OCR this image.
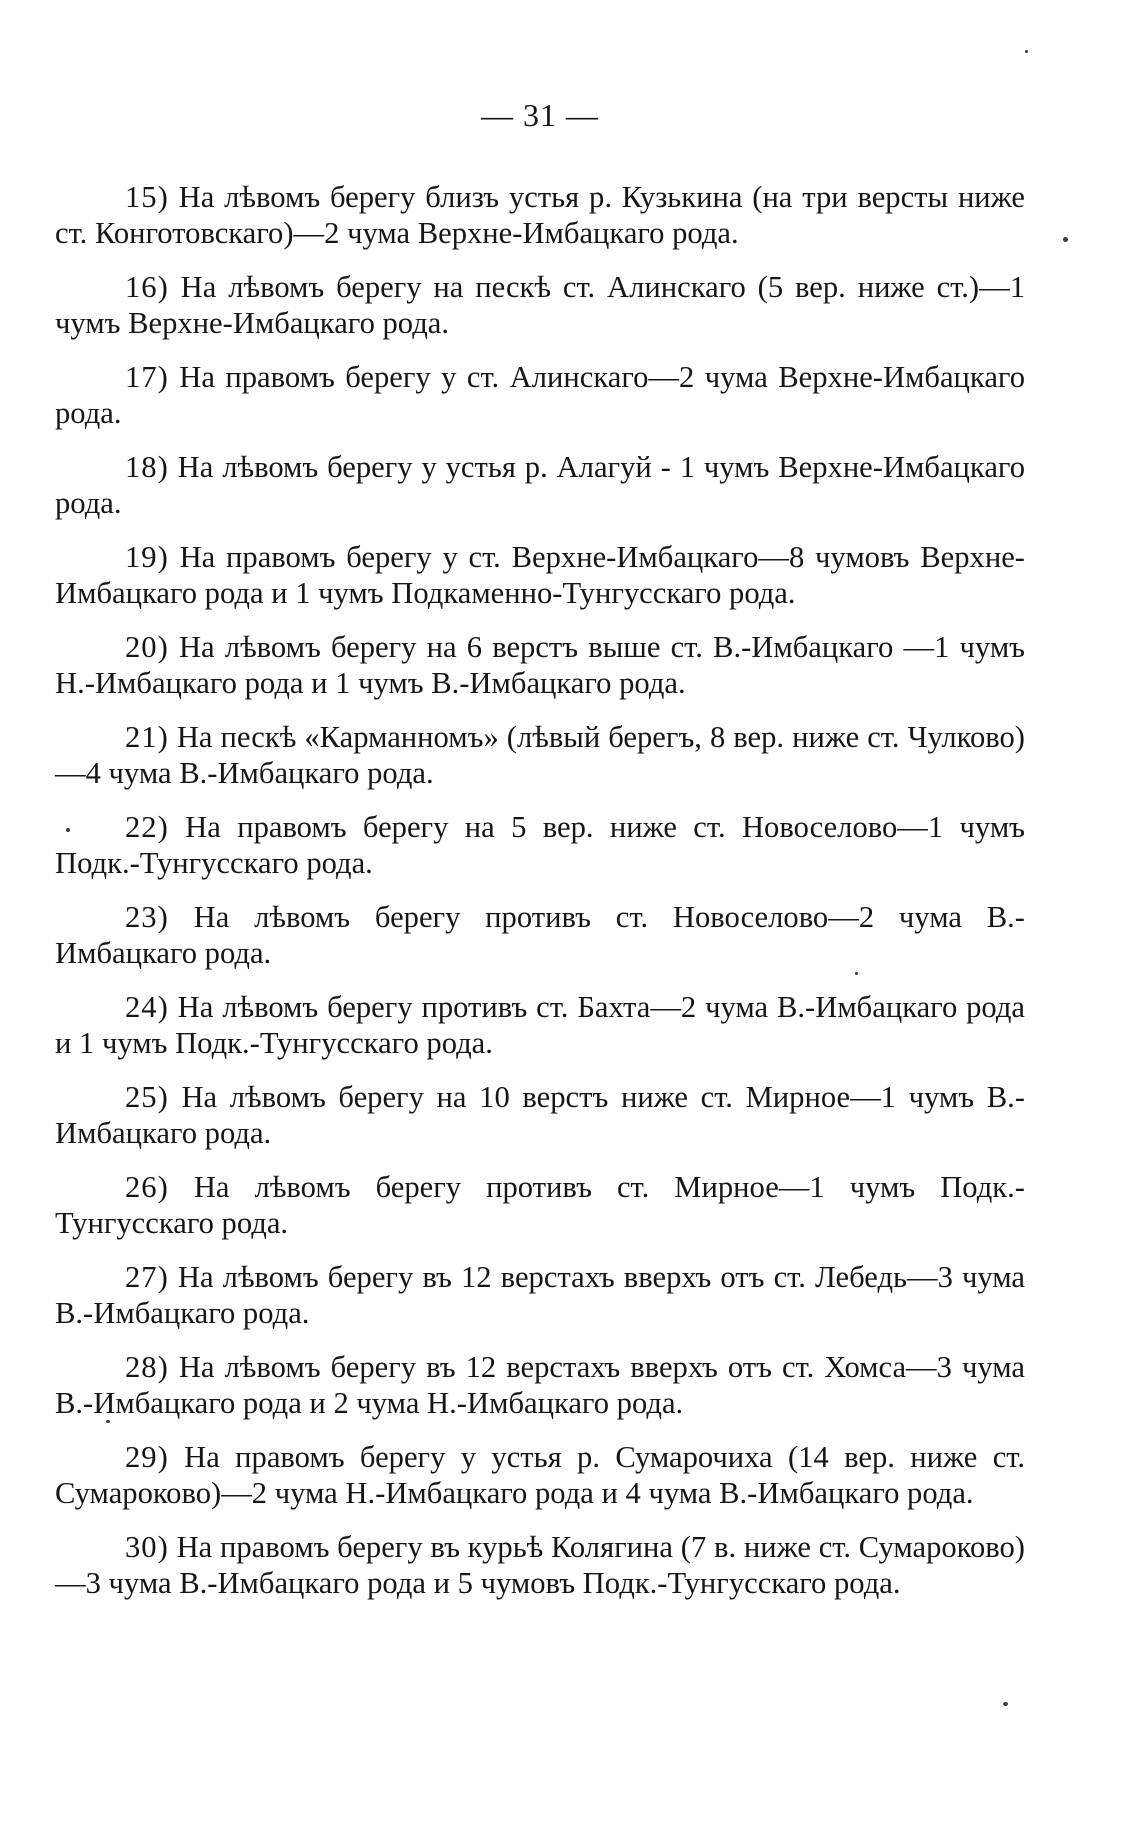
— 31 —

15) На лѣвомъ берегу близъ устья р. Кузькина (на три версты ниже ст. Конготовскаго)—2 чума Верхне-Имбацкаго рода.

16) На лѣвомъ берегу на пескѣ ст. Алинскаго (5 вер. ниже ст.)—1 чумъ Верхне-Имбацкаго рода.

17) На правомъ берегу у ст. Алинскаго—2 чума Верхне-Имбацкаго рода.

18) На лѣвомъ берегу у устья р. Алагуй - 1 чумъ Верхне-Имбацкаго рода.

19) На правомъ берегу у ст. Верхне-Имбацкаго—8 чумовъ Верхне-Имбацкаго рода и 1 чумъ Подкаменно-Тунгусскаго рода.

20) На лѣвомъ берегу на 6 верстъ выше ст. В.-Имбацкаго —1 чумъ Н.-Имбацкаго рода и 1 чумъ В.-Имбацкаго рода.

21) На пескѣ «Карманномъ» (лѣвый берегъ, 8 вер. ниже ст. Чулково)—4 чума В.-Имбацкаго рода.

22) На правомъ берегу на 5 вер. ниже ст. Новоселово—1 чумъ Подк.-Тунгусскаго рода.

23) На лѣвомъ берегу противъ ст. Новоселово—2 чума В.-Имбацкаго рода.

24) На лѣвомъ берегу противъ ст. Бахта—2 чума В.-Имбацкаго рода и 1 чумъ Подк.-Тунгусскаго рода.

25) На лѣвомъ берегу на 10 верстъ ниже ст. Мирное—1 чумъ В.-Имбацкаго рода.

26) На лѣвомъ берегу противъ ст. Мирное—1 чумъ Подк.-Тунгусскаго рода.

27) На лѣвомъ берегу въ 12 верстахъ вверхъ отъ ст. Лебедь—3 чума В.-Имбацкаго рода.

28) На лѣвомъ берегу въ 12 верстахъ вверхъ отъ ст. Хомса—3 чума В.-Имбацкаго рода и 2 чума Н.-Имбацкаго рода.

29) На правомъ берегу у устья р. Сумарочиха (14 вер. ниже ст. Сумароково)—2 чума Н.-Имбацкаго рода и 4 чума В.-Имбацкаго рода.

30) На правомъ берегу въ курьѣ Колягина (7 в. ниже ст. Сумароково)—3 чума В.-Имбацкаго рода и 5 чумовъ Подк.-Тунгусскаго рода.
